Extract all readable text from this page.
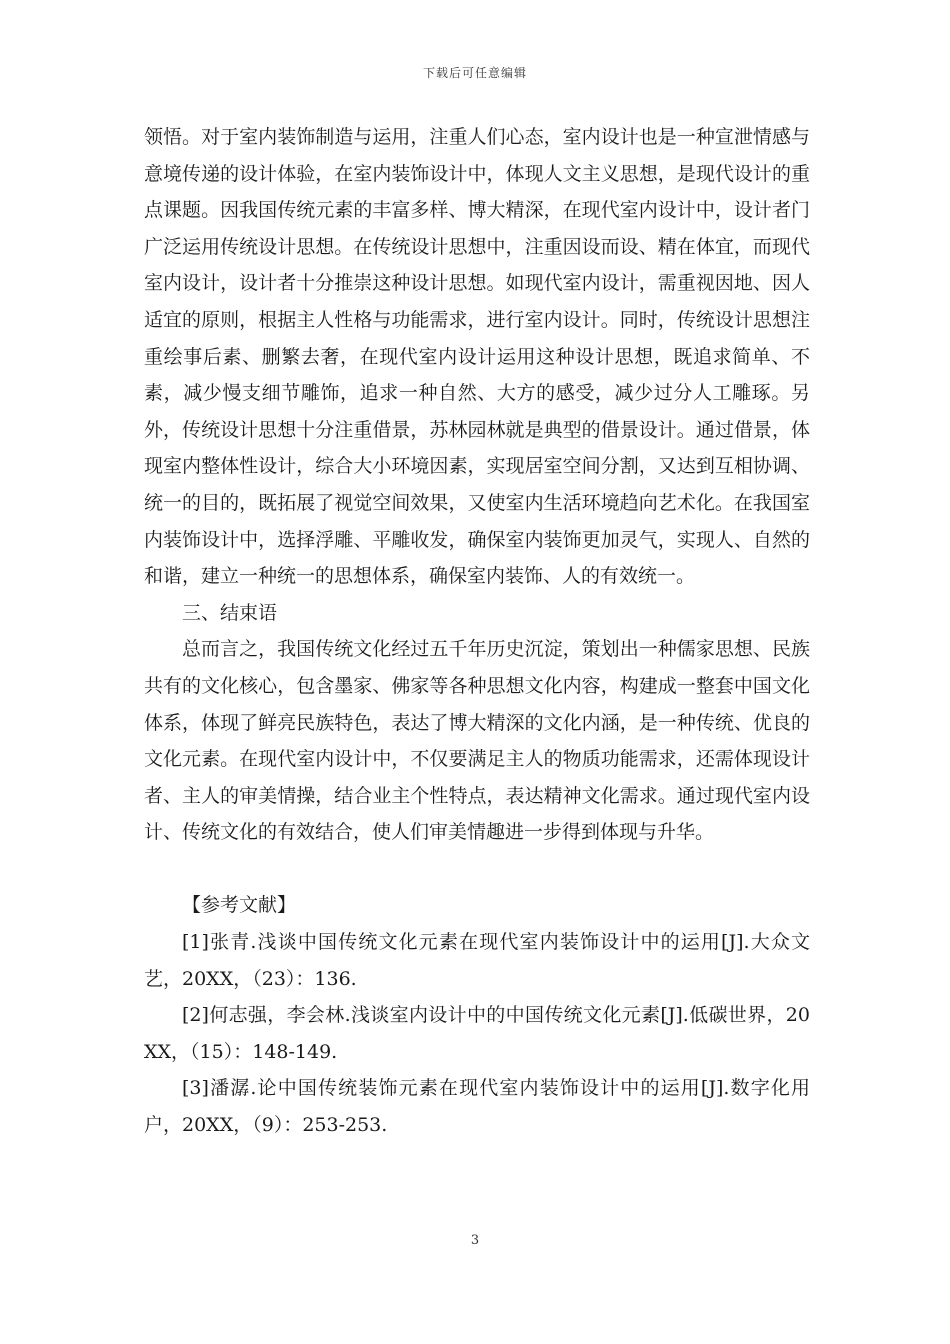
下载后可任意编辑

领悟。对于室内装饰制造与运用，注重人们心态，室内设计也是一种宣泄情感与意境传递的设计体验，在室内装饰设计中，体现人文主义思想，是现代设计的重点课题。因我国传统元素的丰富多样、博大精深，在现代室内设计中，设计者门广泛运用传统设计思想。在传统设计思想中，注重因设而设、精在体宜，而现代室内设计，设计者十分推崇这种设计思想。如现代室内设计，需重视因地、因人适宜的原则，根据主人性格与功能需求，进行室内设计。同时，传统设计思想注重绘事后素、删繁去奢，在现代室内设计运用这种设计思想，既追求简单、不素，减少慢支细节雕饰，追求一种自然、大方的感受，减少过分人工雕琢。另外，传统设计思想十分注重借景，苏林园林就是典型的借景设计。通过借景，体现室内整体性设计，综合大小环境因素，实现居室空间分割，又达到互相协调、统一的目的，既拓展了视觉空间效果，又使室内生活环境趋向艺术化。在我国室内装饰设计中，选择浮雕、平雕收发，确保室内装饰更加灵气，实现人、自然的和谐，建立一种统一的思想体系，确保室内装饰、人的有效统一。

三、结束语

总而言之，我国传统文化经过五千年历史沉淀，策划出一种儒家思想、民族共有的文化核心，包含墨家、佛家等各种思想文化内容，构建成一整套中国文化体系，体现了鲜亮民族特色，表达了博大精深的文化内涵，是一种传统、优良的文化元素。在现代室内设计中，不仅要满足主人的物质功能需求，还需体现设计者、主人的审美情操，结合业主个性特点，表达精神文化需求。通过现代室内设计、传统文化的有效结合，使人们审美情趣进一步得到体现与升华。

【参考文献】

[1]张青.浅谈中国传统文化元素在现代室内装饰设计中的运用[J].大众文艺，20XX，（23）：136.

[2]何志强，李会林.浅谈室内设计中的中国传统文化元素[J].低碳世界，20XX，（15）：148-149.

[3]潘潺.论中国传统装饰元素在现代室内装饰设计中的运用[J].数字化用户，20XX，（9）：253-253.

3
